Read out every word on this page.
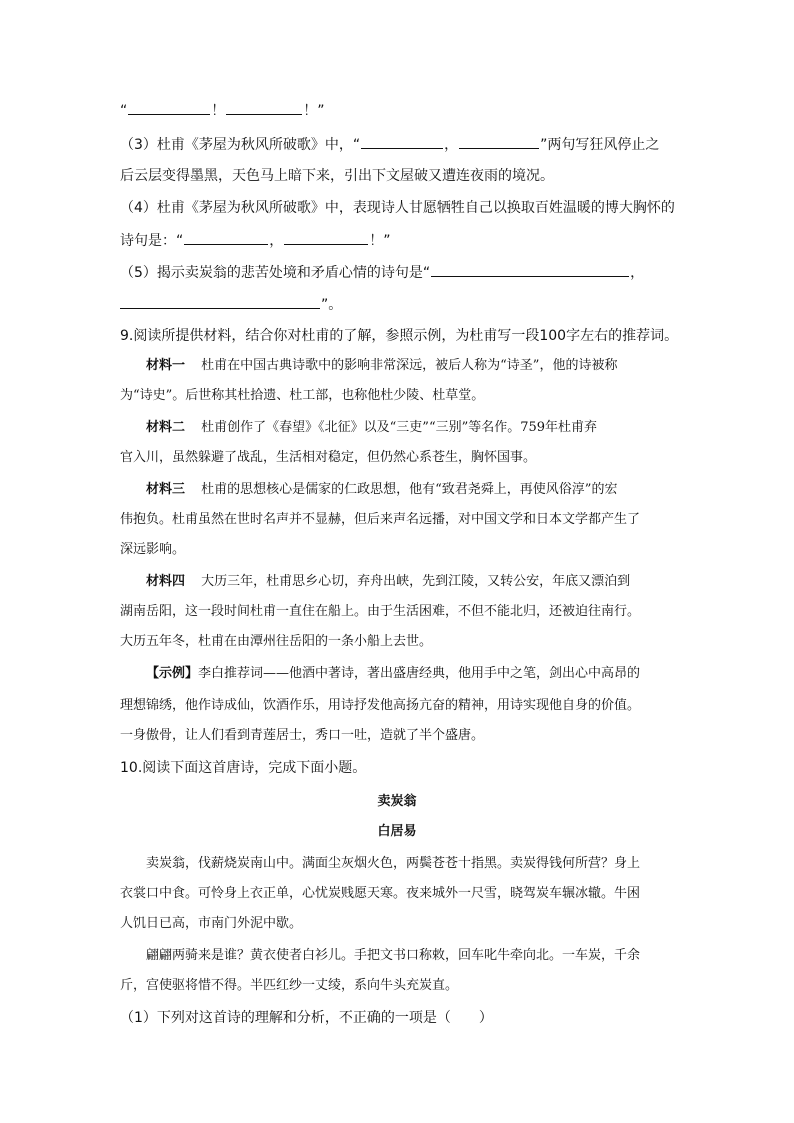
“	！	！”
（3）杜甫《茅屋为秋风所破歌》中，“	，	”两句写狂风停止之
后云层变得墨黑，天色马上暗下来，引出下文屋破又遭连夜雨的境况。
（4）杜甫《茅屋为秋风所破歌》中，表现诗人甘愿牺牲自己以换取百姓温暖的博大胸怀的
诗句是：“	，	！”
（5）揭示卖炭翁的悲苦处境和矛盾心情的诗句是“	，
”。
9.阅读所提供材料，结合你对杜甫的了解，参照示例，为杜甫写一段100字左右的推荐词。
材料一 杜甫在中国古典诗歌中的影响非常深远，被后人称为“诗圣”，他的诗被称
为“诗史”。后世称其杜拾遗、杜工部，也称他杜少陵、杜草堂。
材料二 杜甫创作了《春望》《北征》以及“三吏”“三别”等名作。759年杜甫弃
官入川，虽然躲避了战乱，生活相对稳定，但仍然心系苍生，胸怀国事。
材料三 杜甫的思想核心是儒家的仁政思想，他有“致君尧舜上，再使风俗淳”的宏
伟抱负。杜甫虽然在世时名声并不显赫，但后来声名远播，对中国文学和日本文学都产生了
深远影响。
材料四 大历三年，杜甫思乡心切，弃舟出峡，先到江陵，又转公安，年底又漂泊到
湖南岳阳，这一段时间杜甫一直住在船上。由于生活困难，不但不能北归，还被迫往南行。
大历五年冬，杜甫在由潭州往岳阳的一条小船上去世。
【示例】李白推荐词——他酒中著诗，著出盛唐经典，他用手中之笔，剑出心中高昂的
理想锦绣，他作诗成仙，饮酒作乐，用诗抒发他高扬亢奋的精神，用诗实现他自身的价值。
一身傲骨，让人们看到青莲居士，秀口一吐，造就了半个盛唐。
10.阅读下面这首唐诗，完成下面小题。
卖炭翁
白居易
卖炭翁，伐薪烧炭南山中。满面尘灰烟火色，两鬓苍苍十指黑。卖炭得钱何所营？身上
衣裳口中食。可怜身上衣正单，心忧炭贱愿天寒。夜来城外一尺雪，晓驾炭车辗冰辙。牛困
人饥日已高，市南门外泥中歇。
翩翩两骑来是谁？黄衣使者白衫儿。手把文书口称敕，回车叱牛牵向北。一车炭，千余
斤，宫使驱将惜不得。半匹红纱一丈绫，系向牛头充炭直。
（1）下列对这首诗的理解和分析，不正确的一项是（　　）
